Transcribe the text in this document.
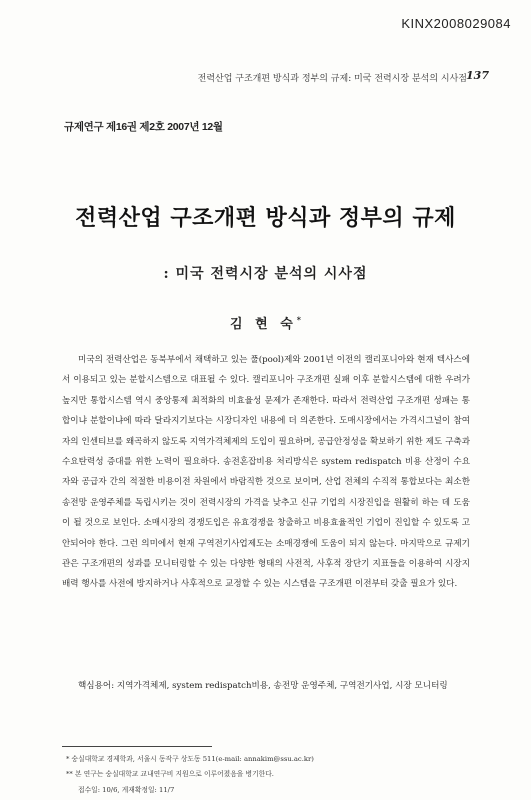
KINX2008029084
전력산업 구조개편 방식과 정부의 규제: 미국 전력시장 분석의 시사점 137
규제연구 제16권 제2호 2007년 12월
전력산업 구조개편 방식과 정부의 규제
: 미국 전력시장 분석의 시사점
김 현 숙*

미국의 전력산업은 동북부에서 채택하고 있는 풀(pool)제와 2001년 이전의 캘리포니아와 현재 텍사스에서 이용되고 있는 분할시스템으로 대표될 수 있다. 캘리포니아 구조개편 실패 이후 분할시스템에 대한 우려가 높지만 통합시스템 역시 중앙통제 최적화의 비효율성 문제가 존재한다. 따라서 전력산업 구조개편 성패는 통합이냐 분할이냐에 따라 달라지기보다는 시장디자인 내용에 더 의존한다. 도매시장에서는 가격시그널이 참여자의 인센티브를 왜곡하지 않도록 지역가격체제의 도입이 필요하며, 공급안정성을 확보하기 위한 제도 구축과 수요탄력성 증대를 위한 노력이 필요하다. 송전혼잡비용 처리방식은 system redispatch 비용 산정이 수요자와 공급자 간의 적절한 비용이전 차원에서 바람직한 것으로 보이며, 산업 전체의 수직적 통합보다는 최소한 송전망 운영주체를 독립시키는 것이 전력시장의 가격을 낮추고 신규 기업의 시장진입을 원활히 하는 데 도움이 될 것으로 보인다. 소매시장의 경쟁도입은 유효경쟁을 창출하고 비용효율적인 기업이 진입할 수 있도록 고안되어야 한다. 그런 의미에서 현재 구역전기사업제도는 소매경쟁에 도움이 되지 않는다. 마지막으로 규제기관은 구조개편의 성과를 모니터링할 수 있는 다양한 형태의 사전적, 사후적 장단기 지표들을 이용하여 시장지배력 행사를 사전에 방지하거나 사후적으로 교정할 수 있는 시스템을 구조개편 이전부터 갖출 필요가 있다.

핵심용어: 지역가격체제, system redispatch비용, 송전망 운영주체, 구역전기사업, 시장 모니터링

* 숭실대학교 경제학과, 서울시 동작구 상도동 511(e-mail: annakim@ssu.ac.kr)
** 본 연구는 숭실대학교 교내연구비 지원으로 이루어졌음을 병기한다.
접수일: 10/6, 게재확정일: 11/7
